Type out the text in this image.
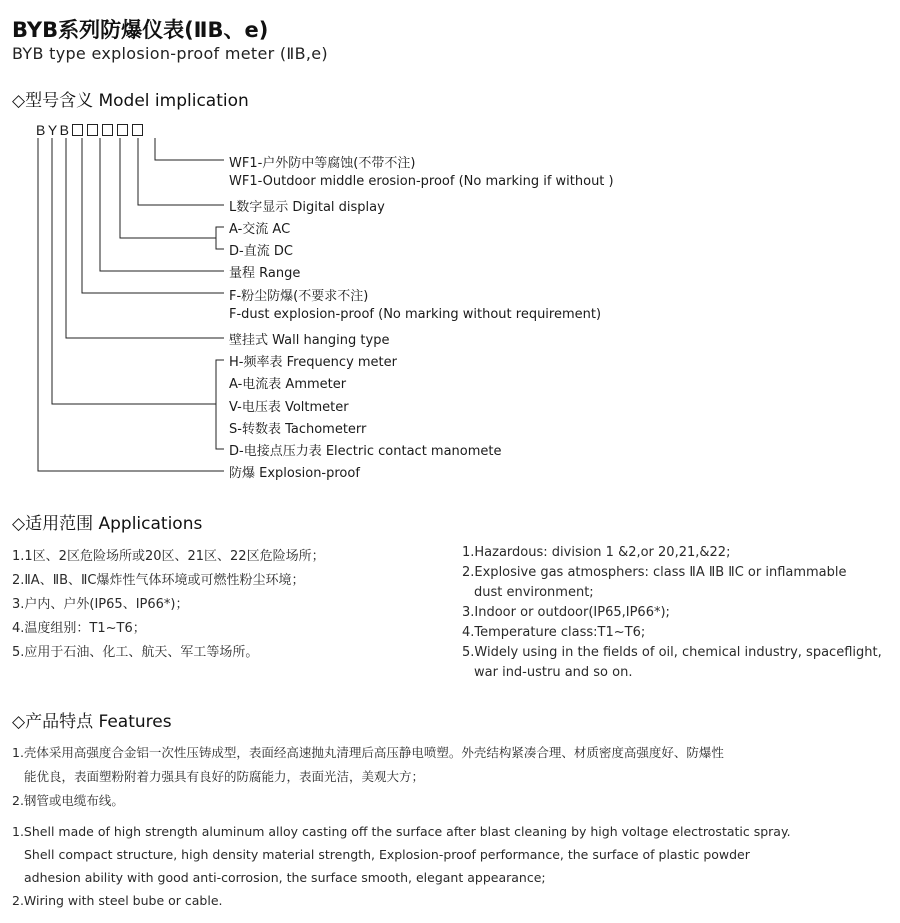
BYB系列防爆仪表(ⅡB、e)
BYB type explosion-proof meter (ⅡB,e)
◇型号含义 Model implication
BYB
WF1-户外防中等腐蚀(不带不注)
WF1-Outdoor middle erosion-proof (No marking if without )
L数字显示 Digital display
A-交流 AC
D-直流 DC
量程 Range
F-粉尘防爆(不要求不注)
F-dust explosion-proof (No marking without requirement)
壁挂式 Wall hanging type
H-频率表 Frequency meter
A-电流表 Ammeter
V-电压表 Voltmeter
S-转数表 Tachometerr
D-电接点压力表 Electric contact manomete
防爆 Explosion-proof
◇适用范围 Applications
1.1区、2区危险场所或20区、21区、22区危险场所；
2.ⅡA、ⅡB、ⅡC爆炸性气体环境或可燃性粉尘环境；
3.户内、户外(IP65、IP66*)；
4.温度组别：T1~T6；
5.应用于石油、化工、航天、军工等场所。
1.Hazardous: division 1 &2,or 20,21,&22;
2.Explosive gas atmosphers: class ⅡA ⅡB ⅡC or inflammable
dust environment;
3.Indoor or outdoor(IP65,IP66*);
4.Temperature class:T1~T6;
5.Widely using in the fields of oil, chemical industry, spaceflight,
war ind-ustru and so on.
◇产品特点 Features
1.壳体采用高强度合金铝一次性压铸成型，表面经高速抛丸清理后高压静电喷塑。外壳结构紧凑合理、材质密度高强度好、防爆性
能优良，表面塑粉附着力强具有良好的防腐能力，表面光洁，美观大方；
2.钢管或电缆布线。
1.Shell made of high strength aluminum alloy casting off the surface after blast cleaning by high voltage electrostatic spray.
Shell compact structure, high density material strength, Explosion-proof performance, the surface of plastic powder
adhesion ability with good anti-corrosion, the surface smooth, elegant appearance;
2.Wiring with steel bube or cable.
